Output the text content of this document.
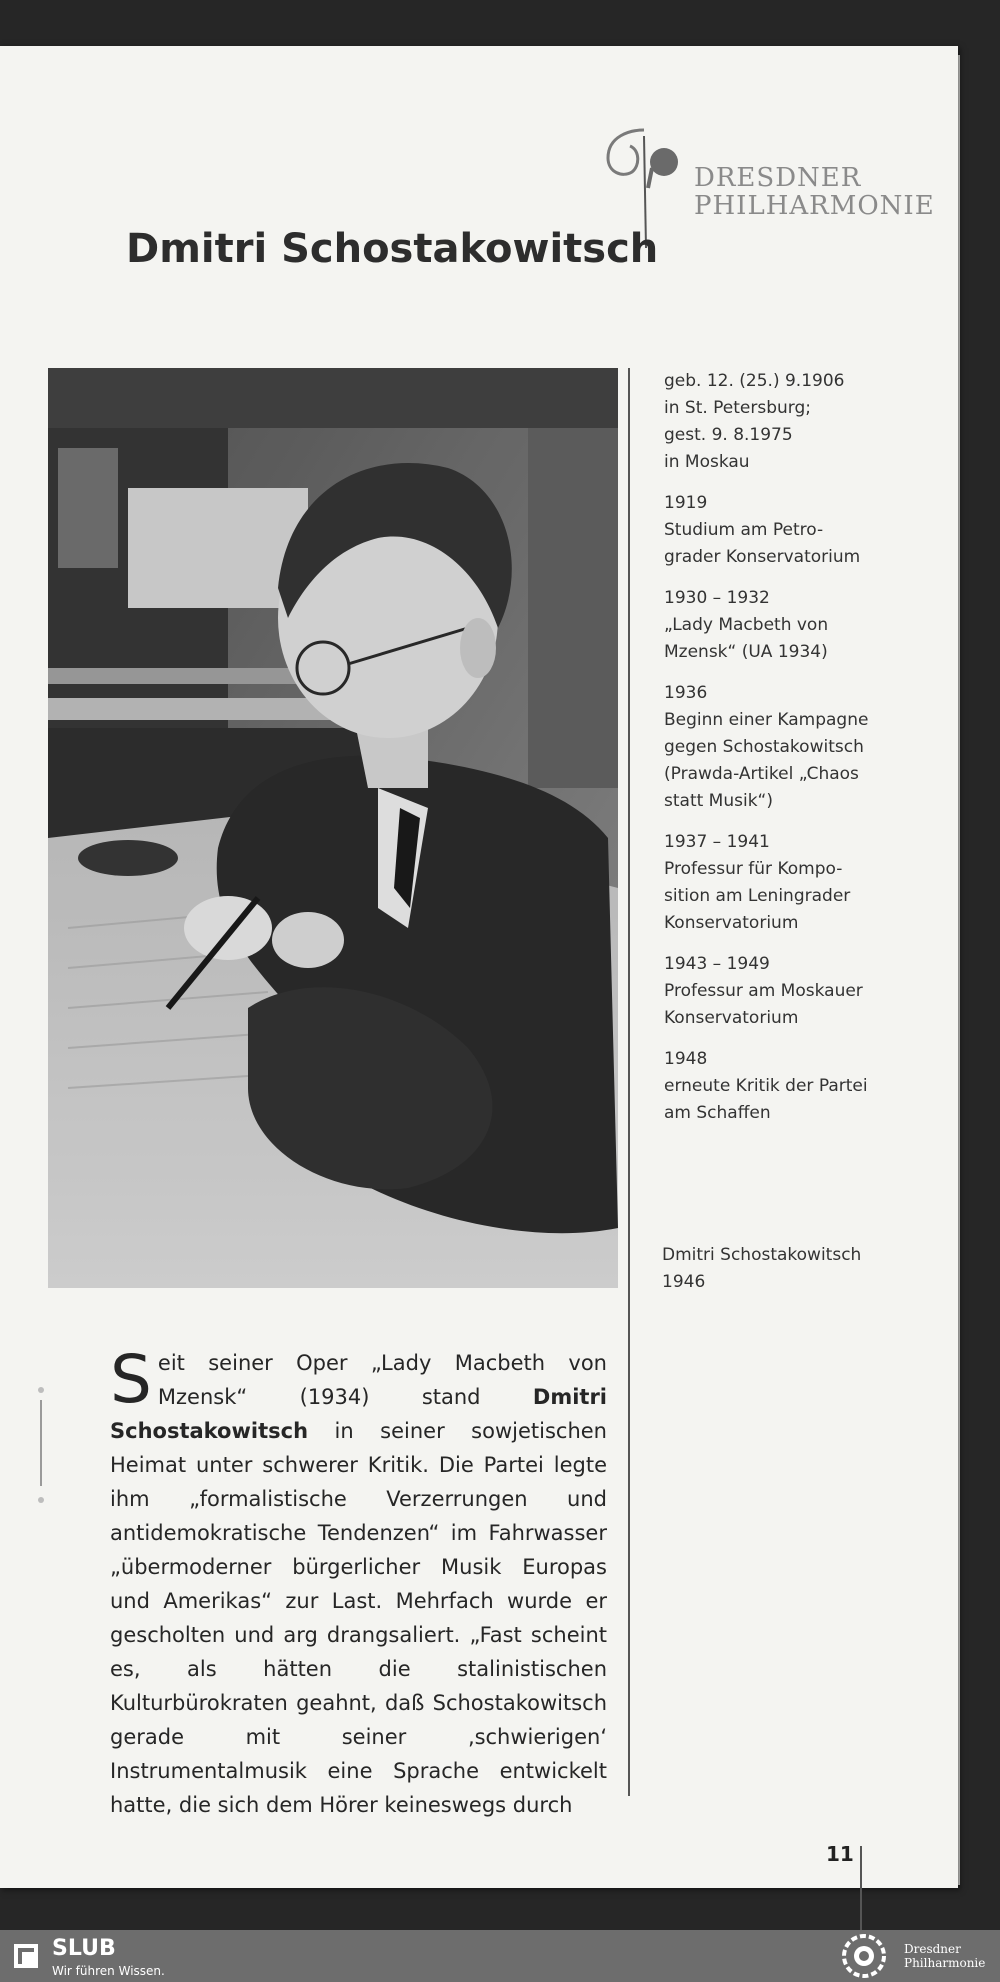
DRESDNER
PHILHARMONIE
Dmitri Schostakowitsch
geb. 12. (25.) 9.1906
in St. Petersburg;
gest. 9. 8.1975
in Moskau
1919
Studium am Petro-
grader Konservatorium
1930 – 1932
„Lady Macbeth von
Mzensk“ (UA 1934)
1936
Beginn einer Kampagne
gegen Schostakowitsch
(Prawda-Artikel „Chaos
statt Musik“)
1937 – 1941
Professur für Kompo-
sition am Leningrader
Konservatorium
1943 – 1949
Professur am Moskauer
Konservatorium
1948
erneute Kritik der Partei
am Schaffen
Dmitri Schostakowitsch
1946
Seit seiner Oper „Lady Macbeth von Mzensk“ (1934) stand Dmitri Schostakowitsch in seiner sowjetischen Heimat unter schwerer Kritik. Die Partei legte ihm „formalistische Verzerrungen und antidemokratische Tendenzen“ im Fahrwasser „übermoderner bürgerlicher Musik Europas und Amerikas“ zur Last. Mehrfach wurde er gescholten und arg drangsaliert. „Fast scheint es, als hätten die stalinistischen Kulturbürokraten geahnt, daß Schostakowitsch gerade mit seiner ‚schwierigen‘ Instrumentalmusik eine Sprache entwickelt hatte, die sich dem Hörer keineswegs durch
11
SLUB
Wir führen Wissen.
Dresdner
Philharmonie
